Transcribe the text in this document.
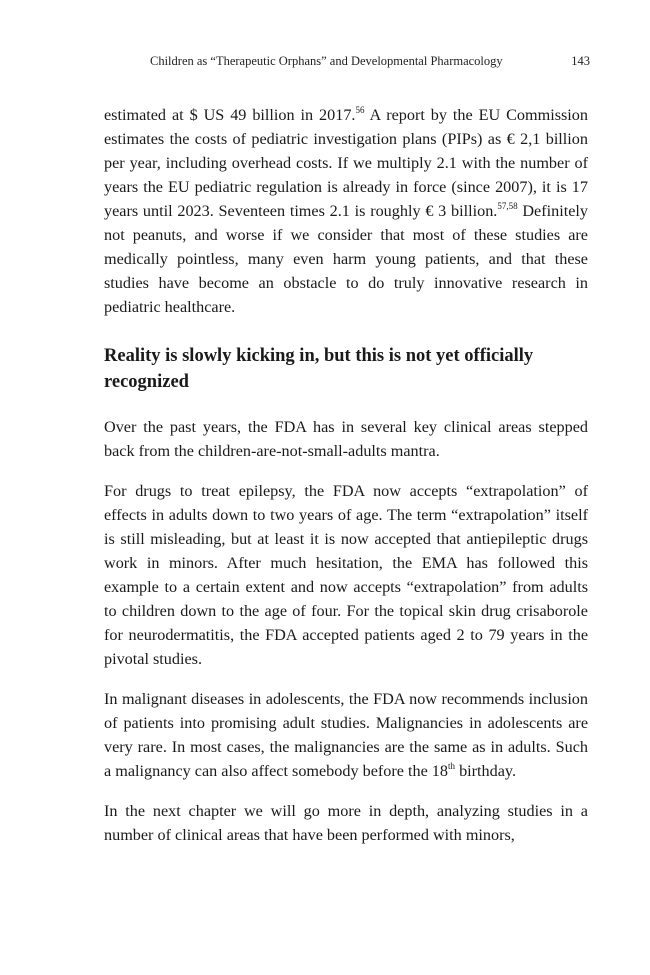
Children as “Therapeutic Orphans” and Developmental Pharmacology	143

estimated at $ US 49 billion in 2017.56 A report by the EU Commission estimates the costs of pediatric investigation plans (PIPs) as € 2,1 billion per year, including overhead costs. If we multiply 2.1 with the number of years the EU pediatric regulation is already in force (since 2007), it is 17 years until 2023. Seventeen times 2.1 is roughly € 3 billion.$^{57,58}$ Definitely not peanuts, and worse if we consider that most of these studies are medically pointless, many even harm young patients, and that these studies have become an obstacle to do truly innovative research in pediatric healthcare.

Reality is slowly kicking in, but this is not yet officially recognized

Over the past years, the FDA has in several key clinical areas stepped back from the children-are-not-small-adults mantra.

For drugs to treat epilepsy, the FDA now accepts “extrapolation” of effects in adults down to two years of age. The term “extrapolation” itself is still misleading, but at least it is now accepted that antiepileptic drugs work in minors. After much hesitation, the EMA has followed this example to a certain extent and now accepts “extrapolation” from adults to children down to the age of four. For the topical skin drug crisaborole for neurodermatitis, the FDA accepted patients aged 2 to 79 years in the pivotal studies.

In malignant diseases in adolescents, the FDA now recommends inclusion of patients into promising adult studies. Malignancies in adolescents are very rare. In most cases, the malignancies are the same as in adults. Such a malignancy can also affect somebody before the 18th birthday.

In the next chapter we will go more in depth, analyzing studies in a number of clinical areas that have been performed with minors,
